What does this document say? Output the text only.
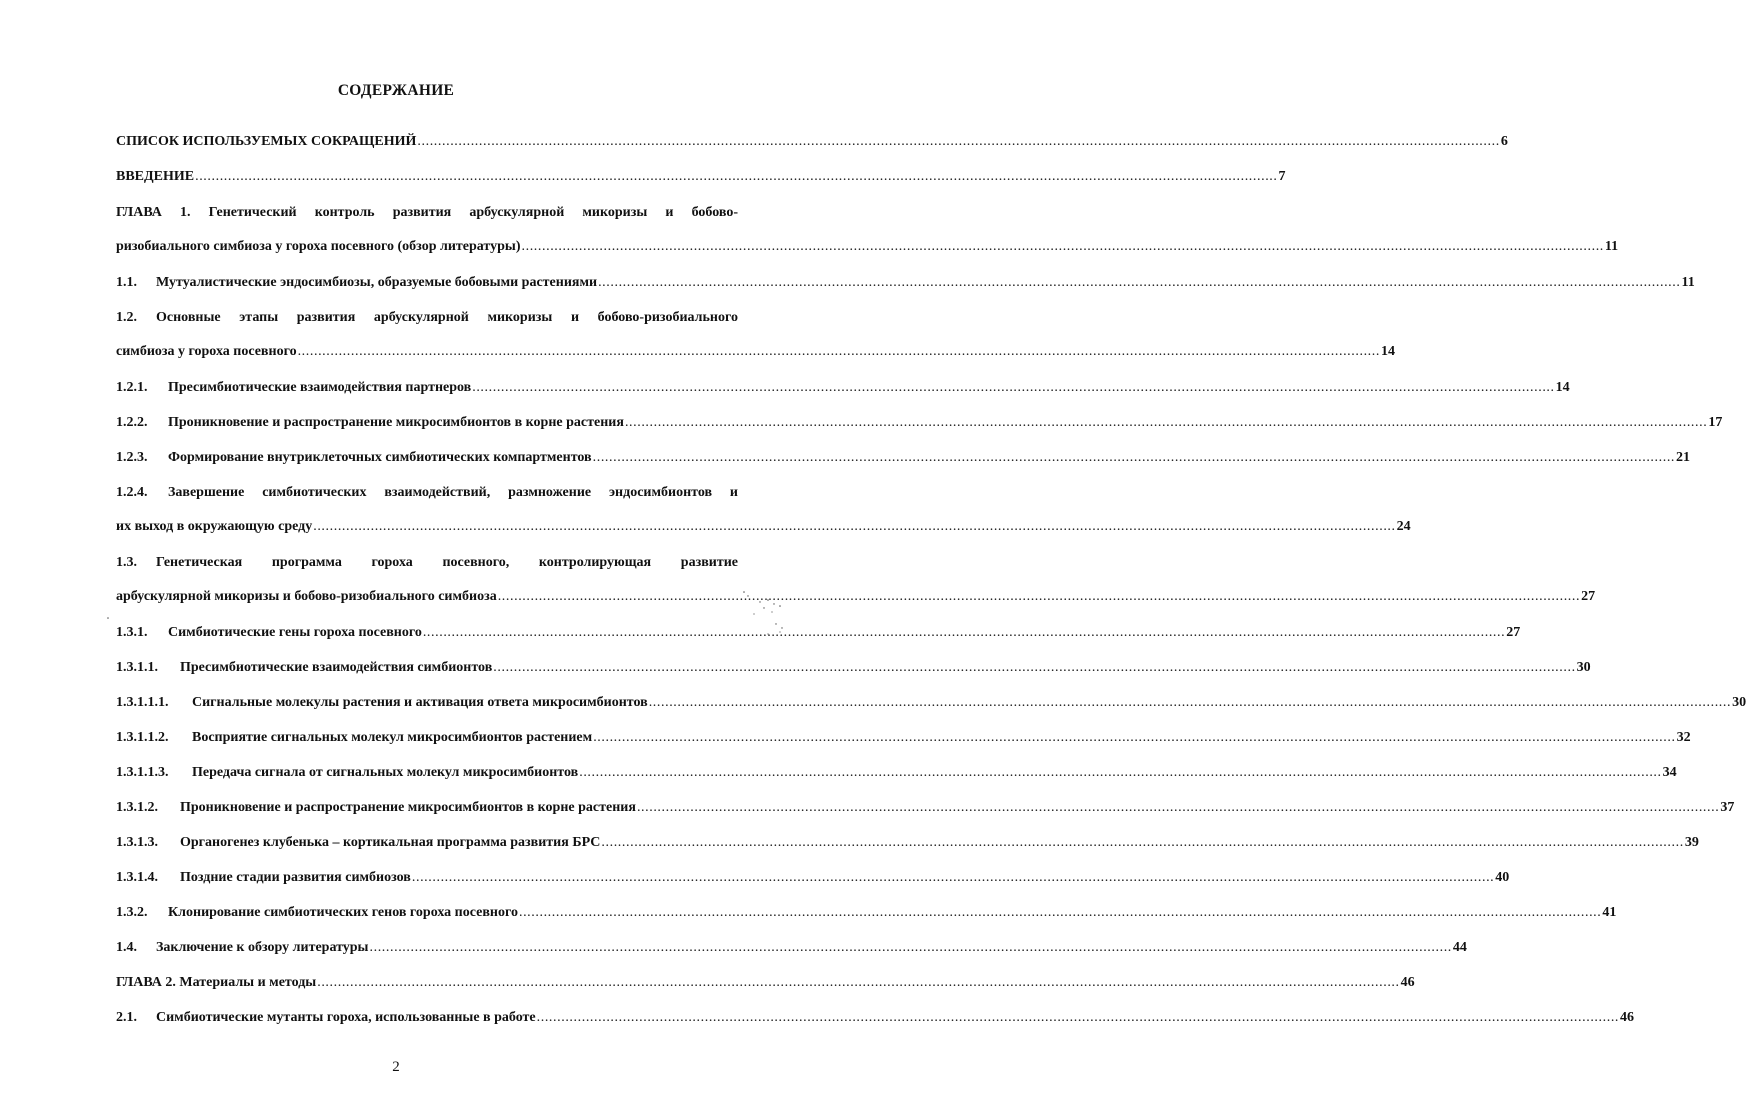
СОДЕРЖАНИЕ
СПИСОК ИСПОЛЬЗУЕМЫХ СОКРАЩЕНИЙ .....	6
ВВЕДЕНИЕ .....	7
ГЛАВА 1. Генетический контроль развития арбускулярной микоризы и бобово-
ризобиального симбиоза у гороха посевного (обзор литературы) .....	11
1.1. Мутуалистические эндосимбиозы, образуемые бобовыми растениями .....	11
1.2.	Основные этапы развития арбускулярной микоризы и бобово-ризобиального
симбиоза у гороха посевного .....	14
1.2.1. Пресимбиотические взаимодействия партнеров .....	14
1.2.2. Проникновение и распространение микросимбионтов в корне растения .....	17
1.2.3. Формирование внутриклеточных симбиотических компартментов .....	21
1.2.4.	Завершение симбиотических взаимодействий, размножение эндосимбионтов и
их выход в окружающую среду .....	24
1.3.	Генетическая программа гороха посевного, контролирующая развитие
арбускулярной микоризы и бобово-ризобиального симбиоза .....	27
1.3.1. Симбиотические гены гороха посевного .....	27
1.3.1.1. Пресимбиотические взаимодействия симбионтов .....	30
1.3.1.1.1. Сигнальные молекулы растения и активация ответа микросимбионтов .....	30
1.3.1.1.2. Восприятие сигнальных молекул микросимбионтов растением .....	32
1.3.1.1.3. Передача сигнала от сигнальных молекул микросимбионтов .....	34
1.3.1.2. Проникновение и распространение микросимбионтов в корне растения .....	37
1.3.1.3. Органогенез клубенька – кортикальная программа развития БРС .....	39
1.3.1.4. Поздние стадии развития симбиозов .....	40
1.3.2. Клонирование симбиотических генов гороха посевного .....	41
1.4. Заключение к обзору литературы .....	44
ГЛАВА 2. Материалы и методы .....	46
2.1. Симбиотические мутанты гороха, использованные в работе .....	46
2
